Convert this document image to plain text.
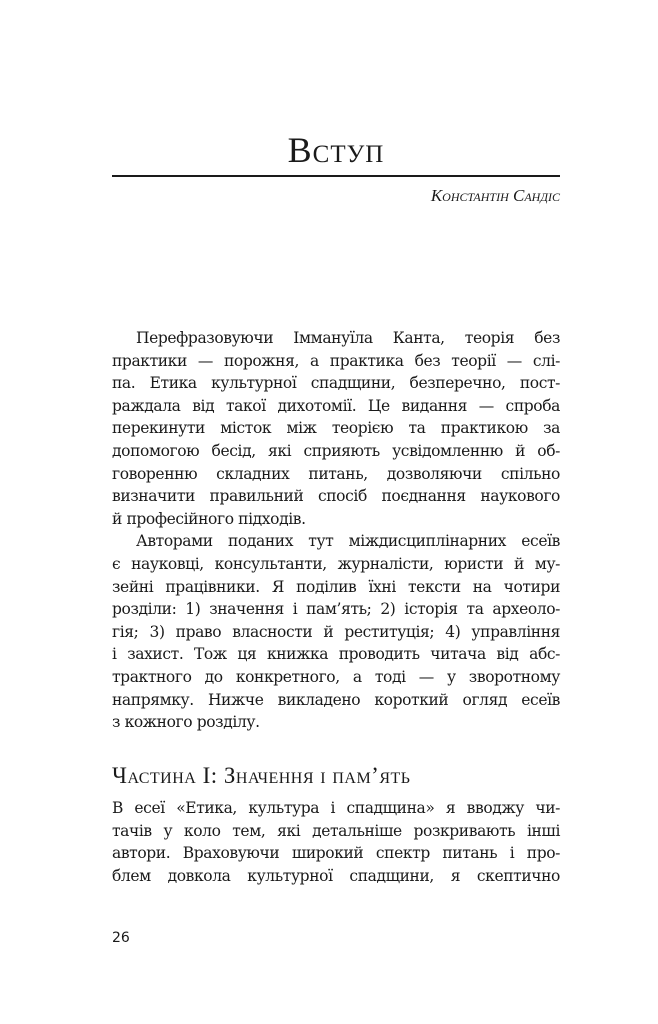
Вступ
Константін Сандіс
Перефразовуючи Іммануїла Канта, теорія без
практики — порожня, а практика без теорії — слі-
па. Етика культурної спадщини, безперечно, пост-
раждала від такої дихотомії. Це видання — спроба
перекинути місток між теорією та практикою за
допомогою бесід, які сприяють усвідомленню й об-
говоренню складних питань, дозволяючи спільно
визначити правильний спосіб поєднання наукового
й професійного підходів.
Авторами поданих тут міждисциплінарних есеїв
є науковці, консультанти, журналісти, юристи й му-
зейні працівники. Я поділив їхні тексти на чотири
розділи: 1) значення і пам’ять; 2) історія та археоло-
гія; 3) право власности й реституція; 4) управління
і захист. Тож ця книжка проводить читача від абс-
трактного до конкретного, а тоді — у зворотному
напрямку. Нижче викладено короткий огляд есеїв
з кожного розділу.
Частина I: Значення і пам’ять
В есеї «Етика, культура і спадщина» я вводжу чи-
тачів у коло тем, які детальніше розкривають інші
автори. Враховуючи широкий спектр питань і про-
блем довкола культурної спадщини, я скептично
26
